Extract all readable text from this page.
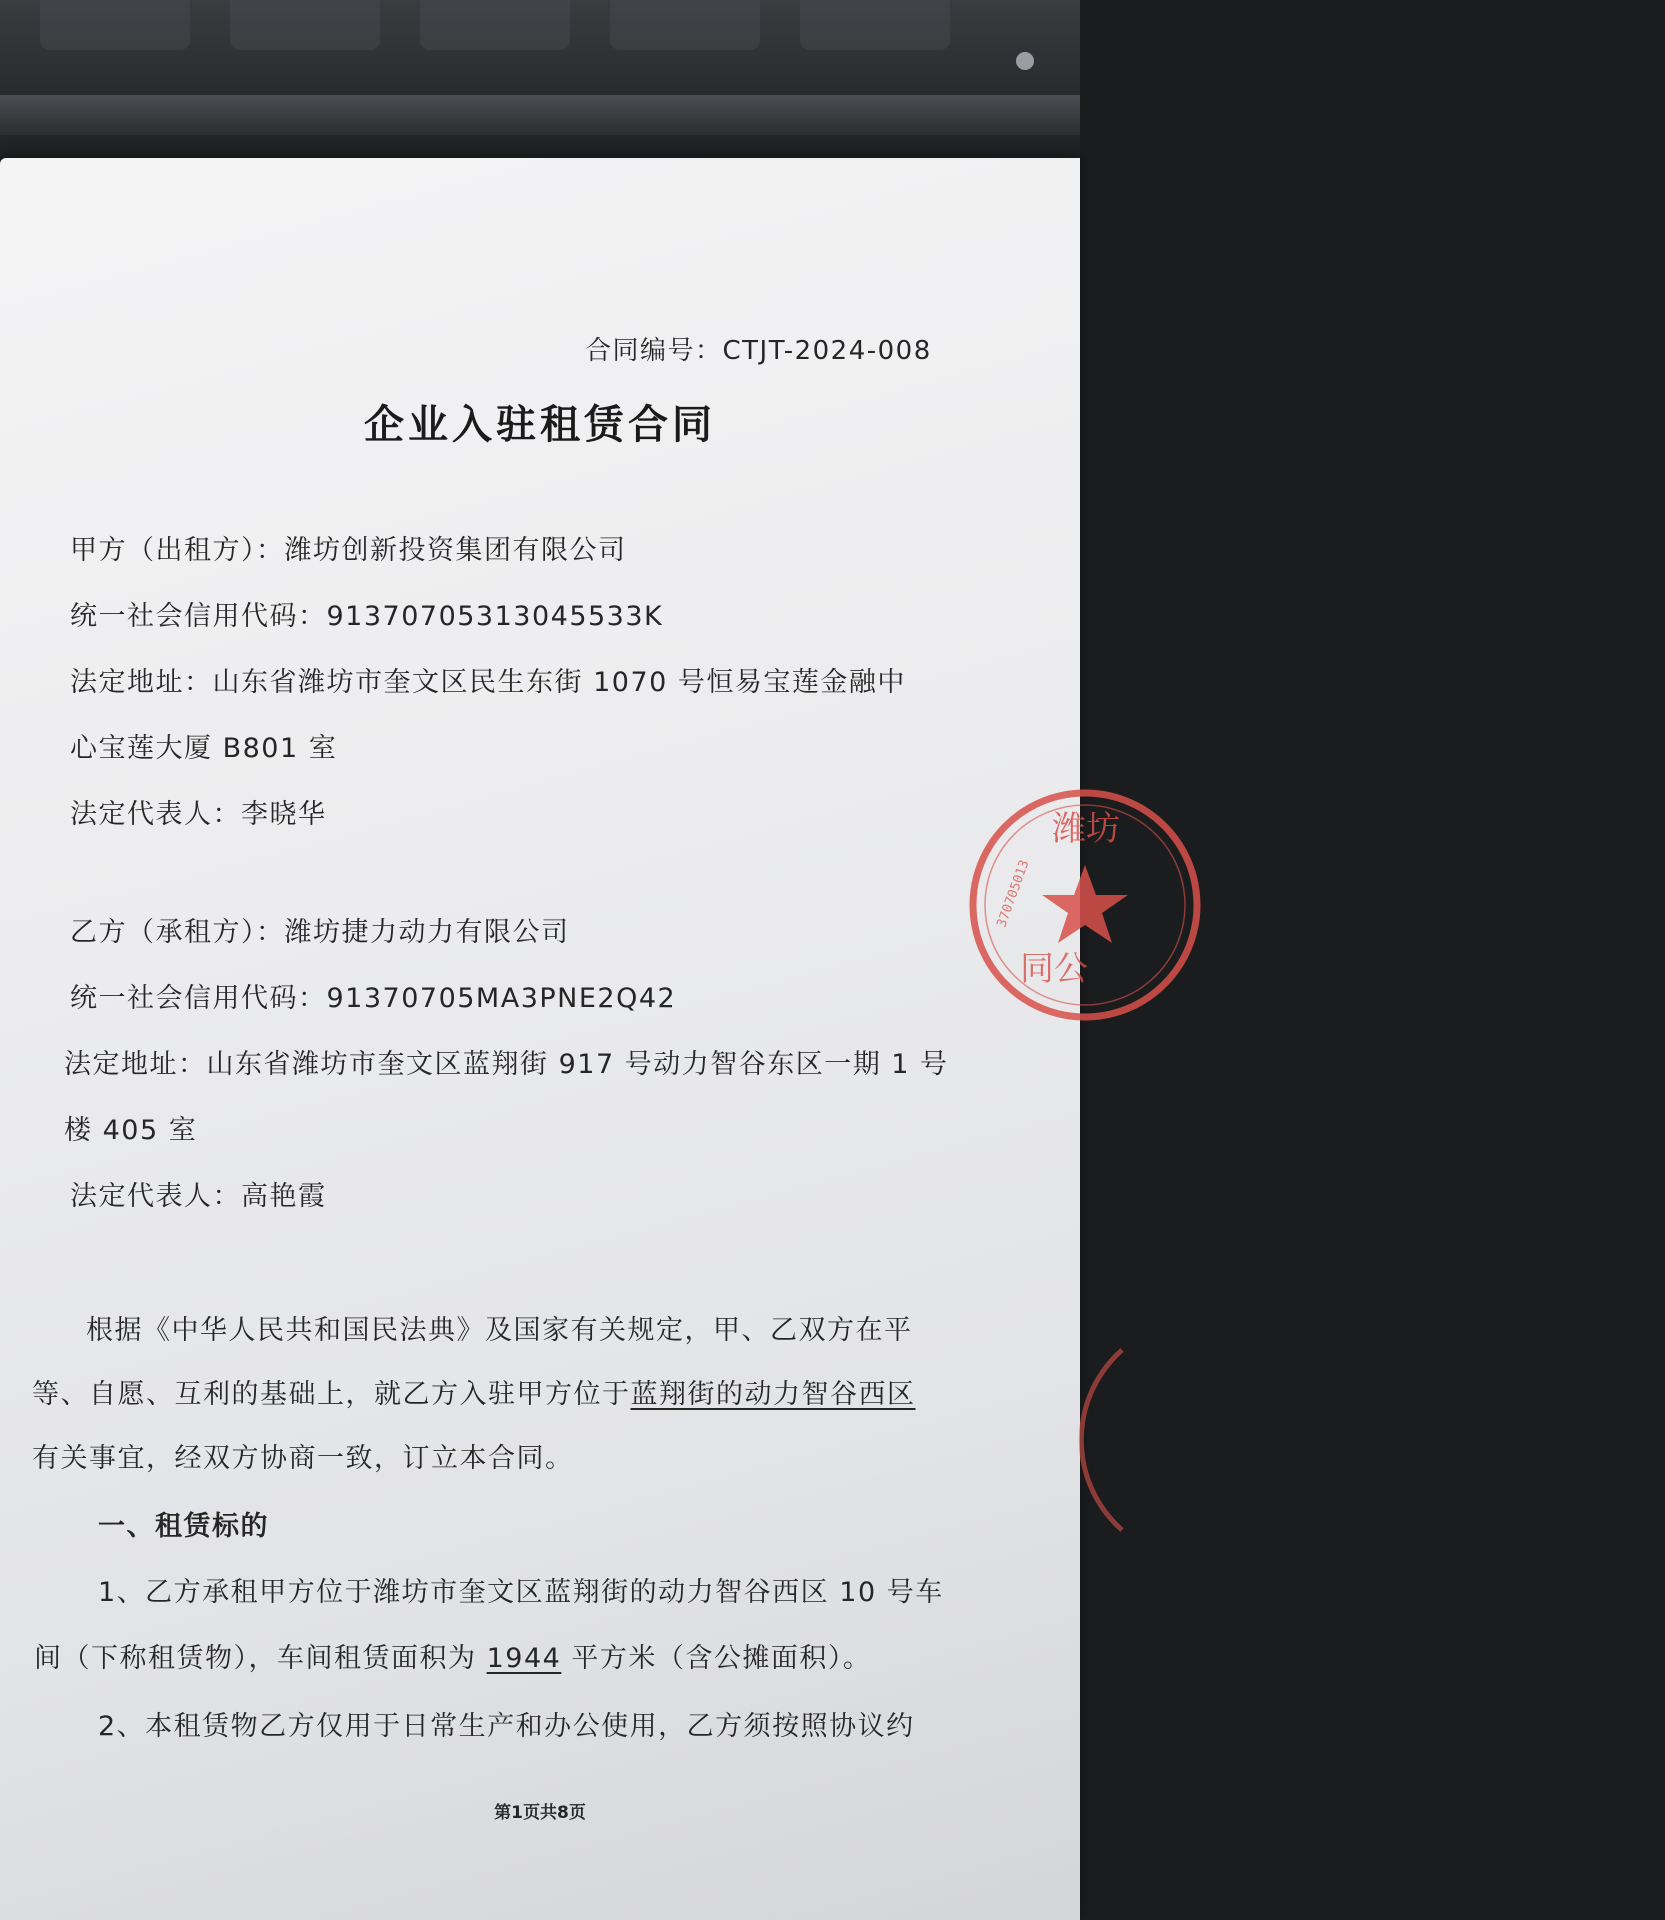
合同编号：CTJT-2024-008
企业入驻租赁合同
甲方（出租方）：潍坊创新投资集团有限公司
统一社会信用代码：91370705313045533K
法定地址：山东省潍坊市奎文区民生东街 1070 号恒易宝莲金融中
心宝莲大厦 B801 室
法定代表人：李晓华
乙方（承租方）：潍坊捷力动力有限公司
统一社会信用代码：91370705MA3PNE2Q42
法定地址：山东省潍坊市奎文区蓝翔街 917 号动力智谷东区一期 1 号
楼 405 室
法定代表人：高艳霞
根据《中华人民共和国民法典》及国家有关规定，甲、乙双方在平
等、自愿、互利的基础上，就乙方入驻甲方位于蓝翔街的动力智谷西区
有关事宜，经双方协商一致，订立本合同。
一、租赁标的
1、乙方承租甲方位于潍坊市奎文区蓝翔街的动力智谷西区 10 号车
间（下称租赁物），车间租赁面积为 1944 平方米（含公摊面积）。
2、本租赁物乙方仅用于日常生产和办公使用，乙方须按照协议约
第1页共8页
潍坊
同公
370705013
